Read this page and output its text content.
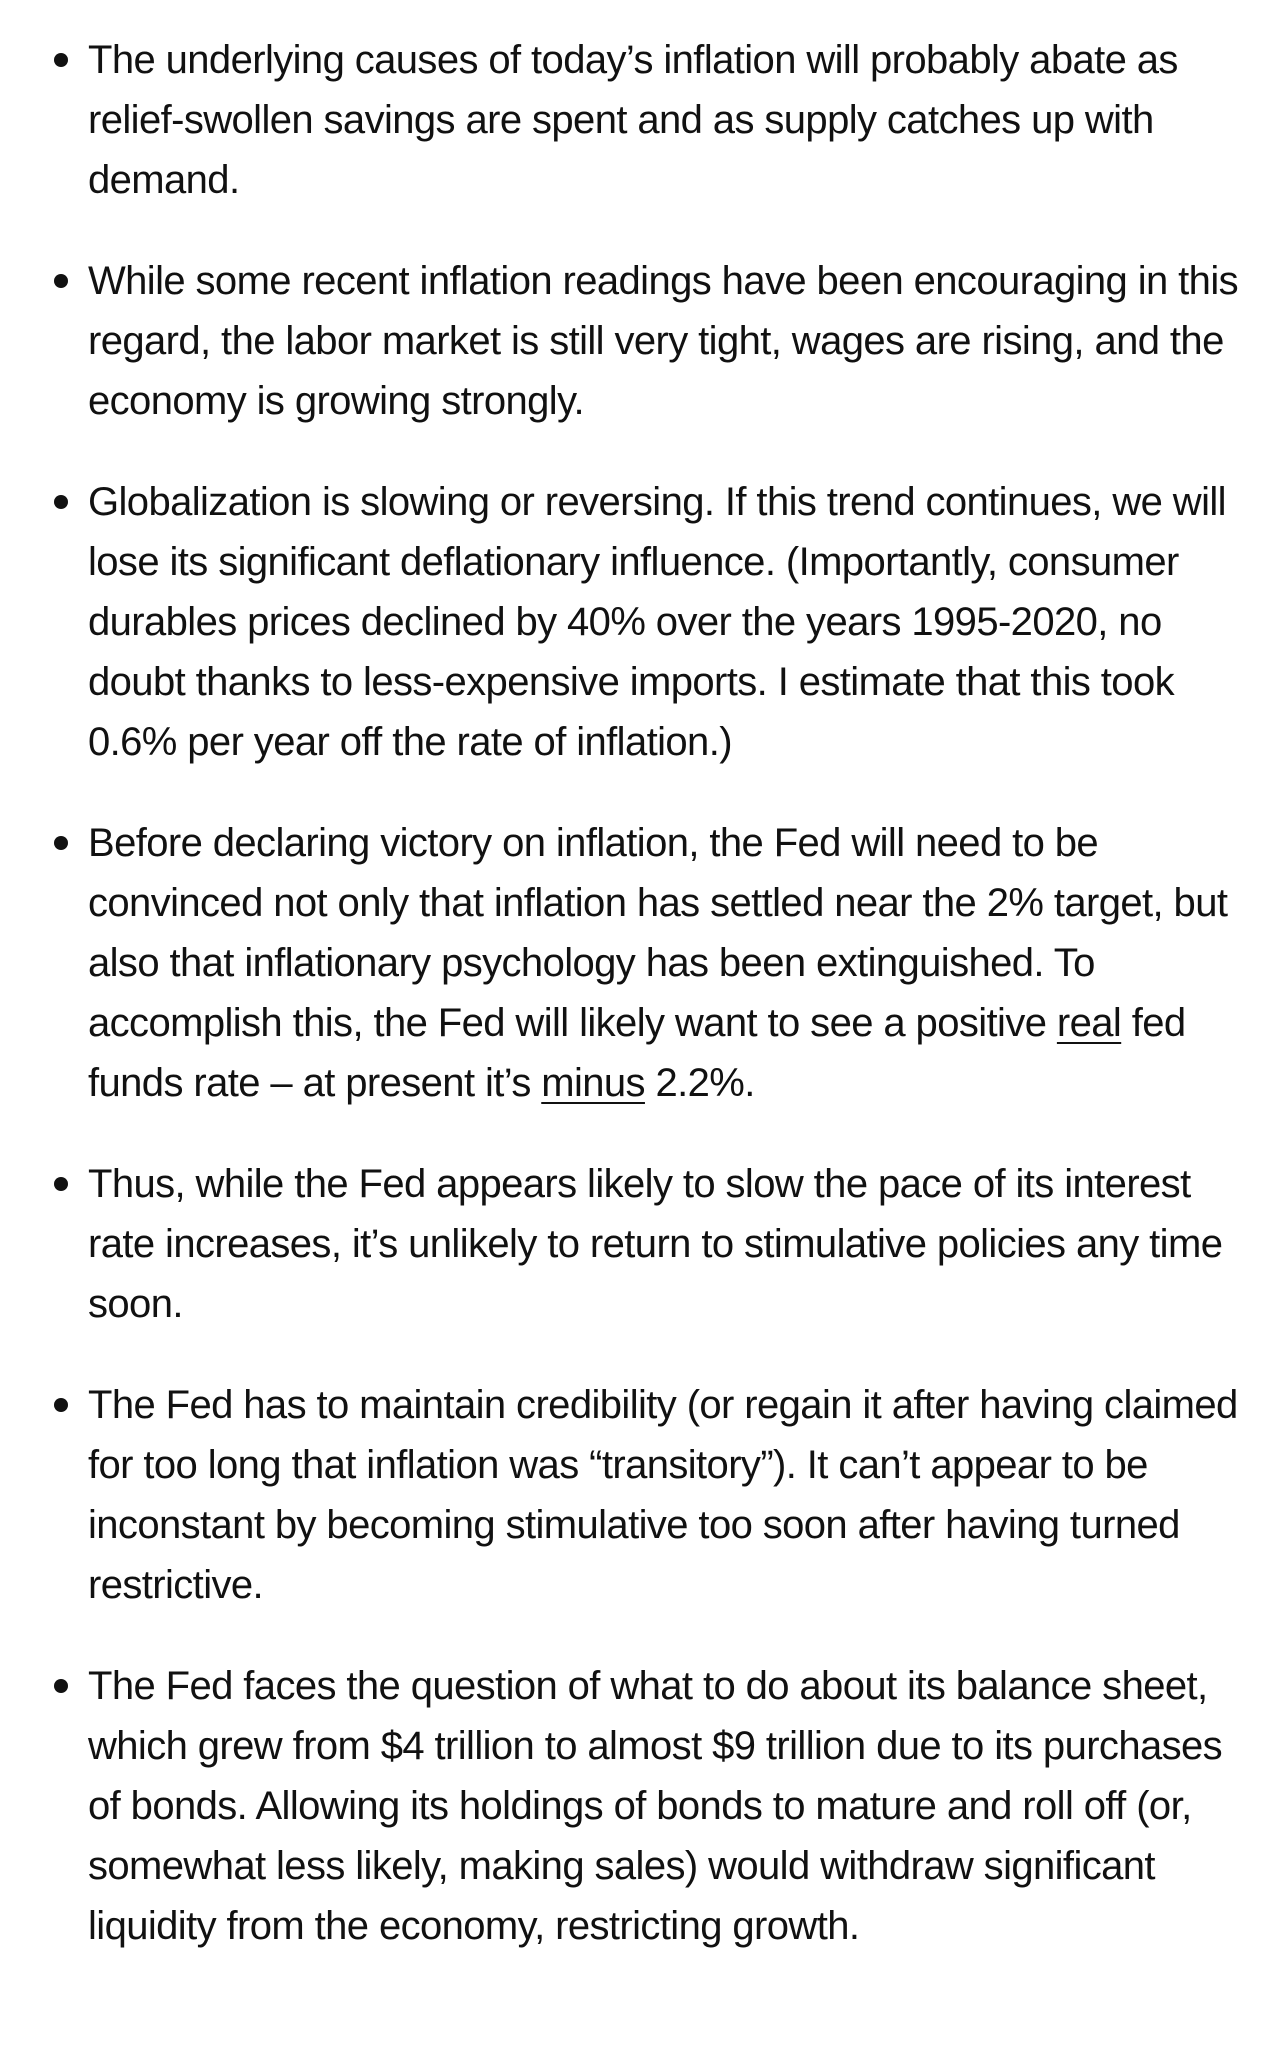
The underlying causes of today’s inflation will probably abate as relief-swollen savings are spent and as supply catches up with demand.
While some recent inflation readings have been encouraging in this regard, the labor market is still very tight, wages are rising, and the economy is growing strongly.
Globalization is slowing or reversing. If this trend continues, we will lose its significant deflationary influence. (Importantly, consumer durables prices declined by 40% over the years 1995-2020, no doubt thanks to less-expensive imports. I estimate that this took 0.6% per year off the rate of inflation.)
Before declaring victory on inflation, the Fed will need to be convinced not only that inflation has settled near the 2% target, but also that inflationary psychology has been extinguished. To accomplish this, the Fed will likely want to see a positive real fed funds rate – at present it’s minus 2.2%.
Thus, while the Fed appears likely to slow the pace of its interest rate increases, it’s unlikely to return to stimulative policies any time soon.
The Fed has to maintain credibility (or regain it after having claimed for too long that inflation was “transitory”). It can’t appear to be inconstant by becoming stimulative too soon after having turned restrictive.
The Fed faces the question of what to do about its balance sheet, which grew from $4 trillion to almost $9 trillion due to its purchases of bonds. Allowing its holdings of bonds to mature and roll off (or, somewhat less likely, making sales) would withdraw significant liquidity from the economy, restricting growth.
